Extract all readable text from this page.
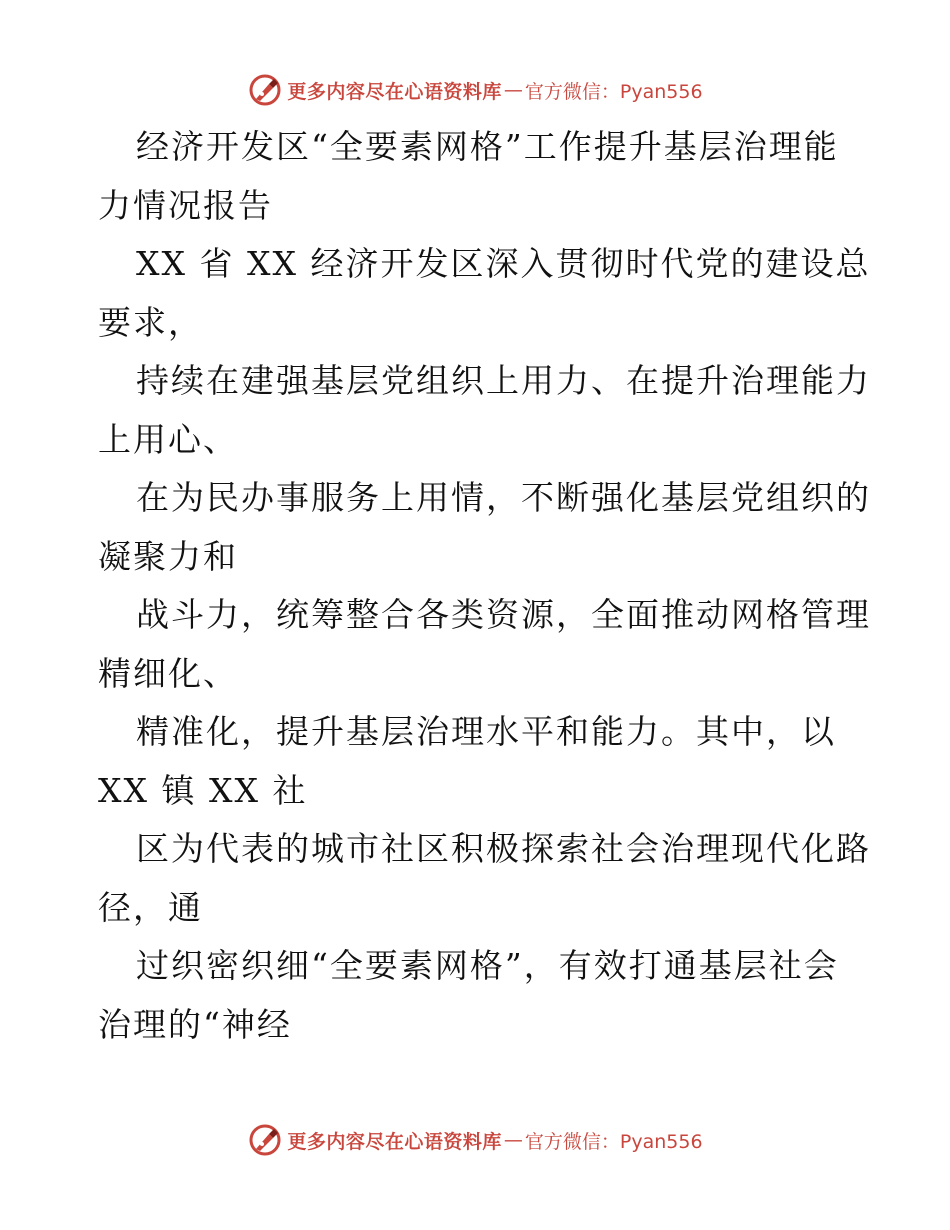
更多内容尽在心语资料库 — 官方微信：Pyan556
经济开发区“全要素网格”工作提升基层治理能
力情况报告
XX 省 XX 经济开发区深入贯彻时代党的建设总
要求，
持续在建强基层党组织上用力、在提升治理能力
上用心、
在为民办事服务上用情，不断强化基层党组织的
凝聚力和
战斗力，统筹整合各类资源，全面推动网格管理
精细化、
精准化，提升基层治理水平和能力。其中，以
XX 镇 XX 社
区为代表的城市社区积极探索社会治理现代化路
径，通
过织密织细“全要素网格”，有效打通基层社会
治理的“神经
更多内容尽在心语资料库 — 官方微信：Pyan556
